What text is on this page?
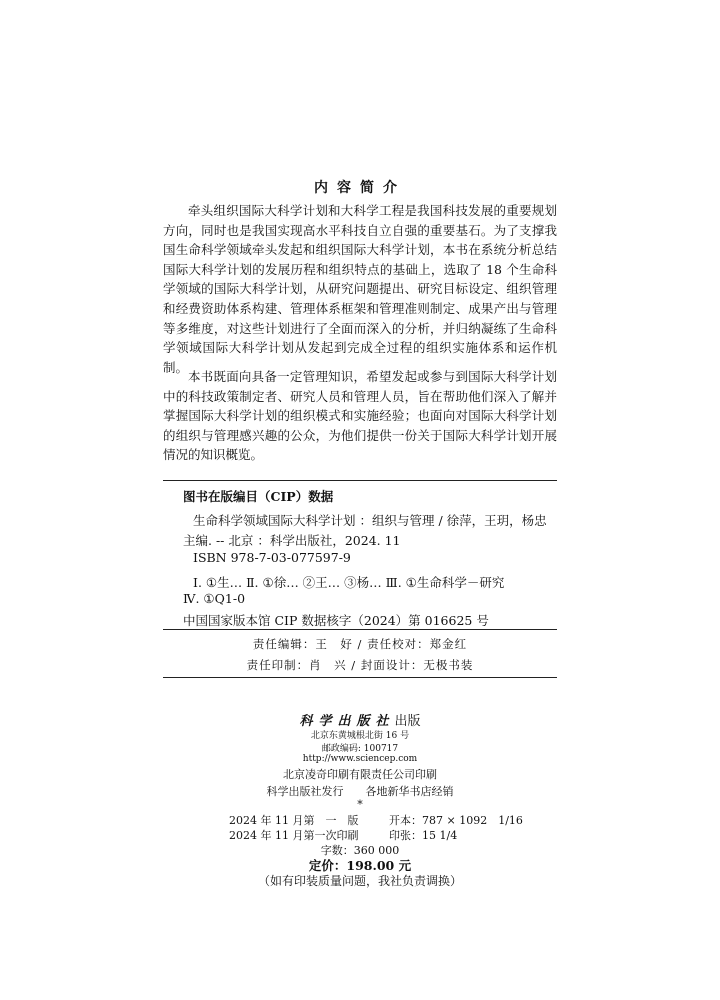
内容简介
牵头组织国际大科学计划和大科学工程是我国科技发展的重要规划方向，同时也是我国实现高水平科技自立自强的重要基石。为了支撑我国生命科学领域牵头发起和组织国际大科学计划，本书在系统分析总结国际大科学计划的发展历程和组织特点的基础上，选取了 18 个生命科学领域的国际大科学计划，从研究问题提出、研究目标设定、组织管理和经费资助体系构建、管理体系框架和管理准则制定、成果产出与管理等多维度，对这些计划进行了全面而深入的分析，并归纳凝练了生命科学领域国际大科学计划从发起到完成全过程的组织实施体系和运作机制。
本书既面向具备一定管理知识，希望发起或参与到国际大科学计划中的科技政策制定者、研究人员和管理人员，旨在帮助他们深入了解并掌握国际大科学计划的组织模式和实施经验；也面向对国际大科学计划的组织与管理感兴趣的公众，为他们提供一份关于国际大科学计划开展情况的知识概览。
图书在版编目（CIP）数据
生命科学领域国际大科学计划 ：组织与管理 / 徐萍，王玥，杨忠
主编. -- 北京 ：科学出版社，2024. 11
ISBN 978-7-03-077597-9
Ⅰ. ①生… Ⅱ. ①徐… ②王… ③杨… Ⅲ. ①生命科学－研究
Ⅳ. ①Q1-0
中国国家版本馆 CIP 数据核字（2024）第 016625 号
责任编辑：王　好 / 责任校对：郑金红
责任印制：肖　兴 / 封面设计：无极书装
科学出版社出版
北京东黄城根北街 16 号
邮政编码: 100717
http://www.sciencep.com
北京凌奇印刷有限责任公司印刷
科学出版社发行　　各地新华书店经销
*
2024 年 11 月第　一　版	开本：787 × 1092　1/16
2024 年 11 月第一次印刷	印张：15 1/4
字数：360 000
定价：198.00 元
（如有印装质量问题，我社负责调换）
